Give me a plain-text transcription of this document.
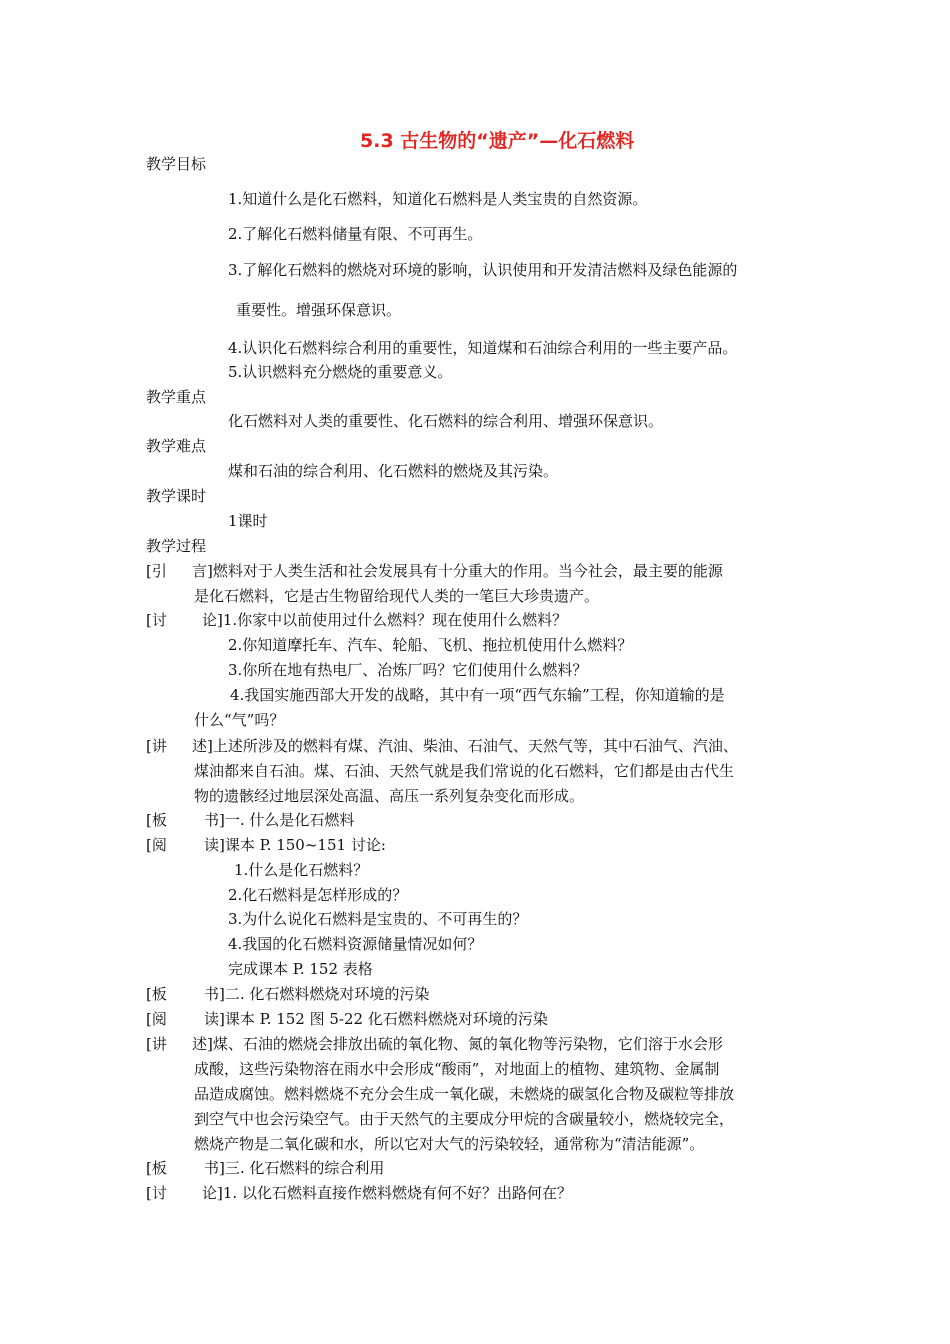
5.3 古生物的“遗产”—化石燃料

教学目标

1.知道什么是化石燃料，知道化石燃料是人类宝贵的自然资源。

2.了解化石燃料储量有限、不可再生。

3.了解化石燃料的燃烧对环境的影响，认识使用和开发清洁燃料及绿色能源的

重要性。增强环保意识。

4.认识化石燃料综合利用的重要性，知道煤和石油综合利用的一些主要产品。

5.认识燃料充分燃烧的重要意义。

教学重点

化石燃料对人类的重要性、化石燃料的综合利用、增强环保意识。

教学难点

煤和石油的综合利用、化石燃料的燃烧及其污染。

教学课时

1课时

教学过程

[引 言]燃料对于人类生活和社会发展具有十分重大的作用。当今社会，最主要的能源

是化石燃料，它是古生物留给现代人类的一笔巨大珍贵遗产。

[讨 论]1.你家中以前使用过什么燃料？现在使用什么燃料？

2.你知道摩托车、汽车、轮船、飞机、拖拉机使用什么燃料？

3.你所在地有热电厂、冶炼厂吗？它们使用什么燃料？

4.我国实施西部大开发的战略，其中有一项“西气东输”工程，你知道输的是

什么“气”吗？

[讲 述]上述所涉及的燃料有煤、汽油、柴油、石油气、天然气等，其中石油气、汽油、

煤油都来自石油。煤、石油、天然气就是我们常说的化石燃料，它们都是由古代生

物的遗骸经过地层深处高温、高压一系列复杂变化而形成。

[板 书]一. 什么是化石燃料

[阅 读]课本 P. 150~151 讨论:

1.什么是化石燃料？

2.化石燃料是怎样形成的？

3.为什么说化石燃料是宝贵的、不可再生的？

4.我国的化石燃料资源储量情况如何？

完成课本 P. 152 表格

[板 书]二. 化石燃料燃烧对环境的污染

[阅 读]课本 P. 152 图 5-22 化石燃料燃烧对环境的污染

[讲 述]煤、石油的燃烧会排放出硫的氧化物、氮的氧化物等污染物，它们溶于水会形

成酸，这些污染物溶在雨水中会形成“酸雨”，对地面上的植物、建筑物、金属制

品造成腐蚀。燃料燃烧不充分会生成一氧化碳，未燃烧的碳氢化合物及碳粒等排放

到空气中也会污染空气。由于天然气的主要成分甲烷的含碳量较小，燃烧较完全，

燃烧产物是二氧化碳和水，所以它对大气的污染较轻，通常称为“清洁能源”。

[板 书]三. 化石燃料的综合利用

[讨 论]1. 以化石燃料直接作燃料燃烧有何不好？出路何在？
